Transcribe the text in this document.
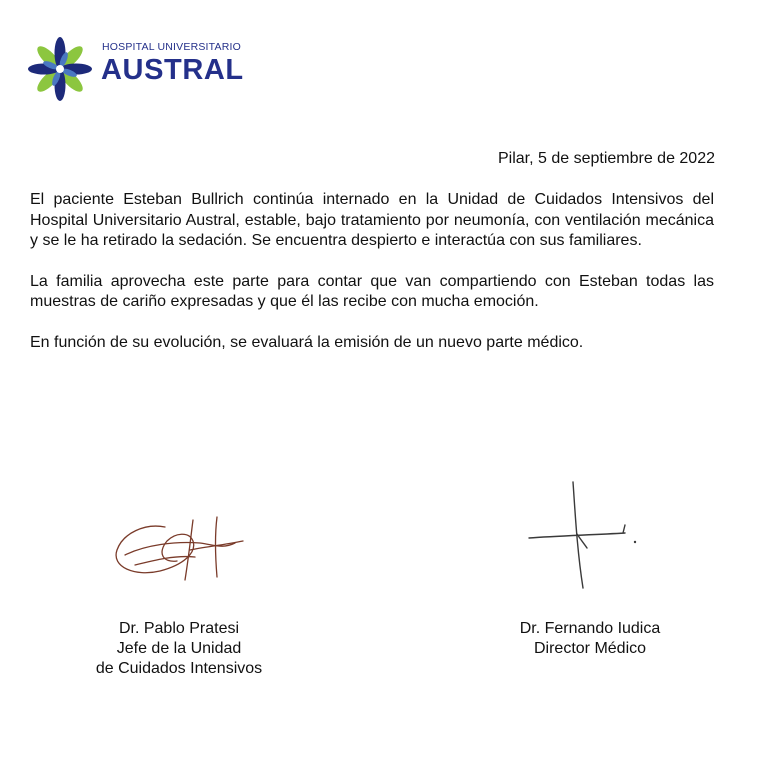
HOSPITAL UNIVERSITARIO
AUSTRAL
Pilar, 5 de septiembre de 2022

El paciente Esteban Bullrich continúa internado en la Unidad de Cuidados Intensivos del Hospital Universitario Austral, estable, bajo tratamiento por neumonía, con ventilación mecánica y se le ha retirado la sedación. Se encuentra despierto e interactúa con sus familiares.

La familia aprovecha este parte para contar que van compartiendo con Esteban todas las muestras de cariño expresadas y que él las recibe con mucha emoción.

En función de su evolución, se evaluará la emisión de un nuevo parte médico.

Dr. Pablo Pratesi
Jefe de la Unidad
de Cuidados Intensivos
Dr. Fernando Iudica
Director Médico
